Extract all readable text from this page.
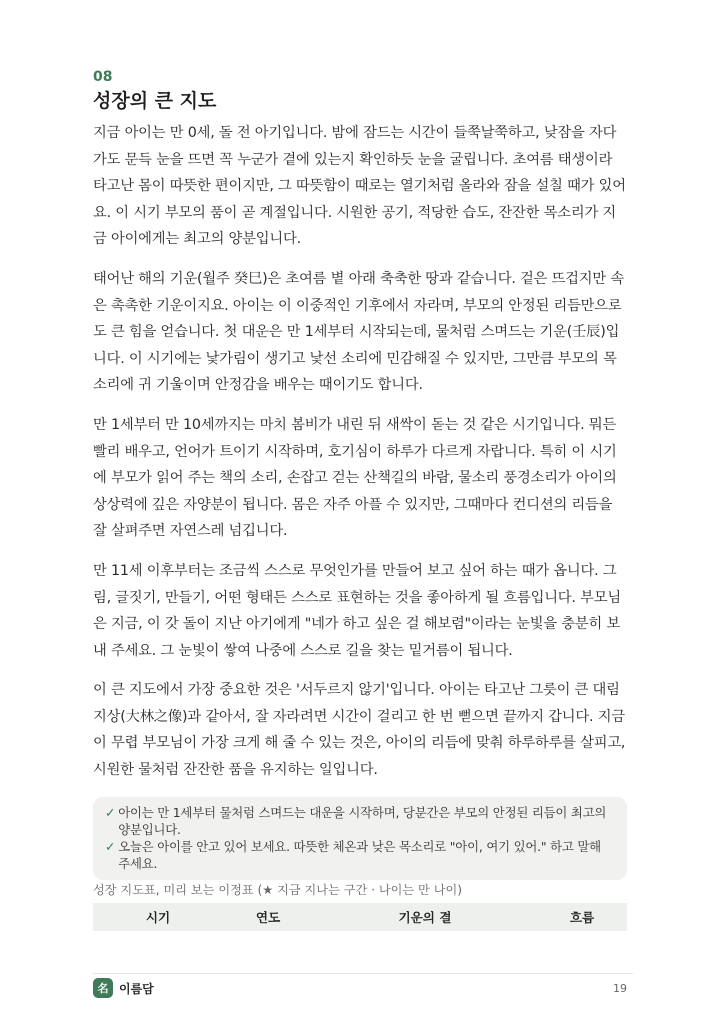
08

성장의 큰 지도

지금 아이는 만 0세, 돌 전 아기입니다. 밤에 잠드는 시간이 들쭉날쭉하고, 낮잠을 자다가도 문득 눈을 뜨면 꼭 누군가 곁에 있는지 확인하듯 눈을 굴립니다. 초여름 태생이라 타고난 몸이 따뜻한 편이지만, 그 따뜻함이 때로는 열기처럼 올라와 잠을 설칠 때가 있어요. 이 시기 부모의 품이 곧 계절입니다. 시원한 공기, 적당한 습도, 잔잔한 목소리가 지금 아이에게는 최고의 양분입니다.

태어난 해의 기운(월주 癸巳)은 초여름 볕 아래 축축한 땅과 같습니다. 겉은 뜨겁지만 속은 촉촉한 기운이지요. 아이는 이 이중적인 기후에서 자라며, 부모의 안정된 리듬만으로도 큰 힘을 얻습니다. 첫 대운은 만 1세부터 시작되는데, 물처럼 스며드는 기운(壬辰)입니다. 이 시기에는 낯가림이 생기고 낯선 소리에 민감해질 수 있지만, 그만큼 부모의 목소리에 귀 기울이며 안정감을 배우는 때이기도 합니다.

만 1세부터 만 10세까지는 마치 봄비가 내린 뒤 새싹이 돋는 것 같은 시기입니다. 뭐든 빨리 배우고, 언어가 트이기 시작하며, 호기심이 하루가 다르게 자랍니다. 특히 이 시기에 부모가 읽어 주는 책의 소리, 손잡고 걷는 산책길의 바람, 물소리 풍경소리가 아이의 상상력에 깊은 자양분이 됩니다. 몸은 자주 아플 수 있지만, 그때마다 컨디션의 리듬을 잘 살펴주면 자연스레 넘깁니다.

만 11세 이후부터는 조금씩 스스로 무엇인가를 만들어 보고 싶어 하는 때가 옵니다. 그림, 글짓기, 만들기, 어떤 형태든 스스로 표현하는 것을 좋아하게 될 흐름입니다. 부모님은 지금, 이 갓 돌이 지난 아기에게 "네가 하고 싶은 걸 해보렴"이라는 눈빛을 충분히 보내 주세요. 그 눈빛이 쌓여 나중에 스스로 길을 찾는 밑거름이 됩니다.

이 큰 지도에서 가장 중요한 것은 '서두르지 않기'입니다. 아이는 타고난 그릇이 큰 대림지상(大林之像)과 같아서, 잘 자라려면 시간이 걸리고 한 번 뻗으면 끝까지 갑니다. 지금 이 무렵 부모님이 가장 크게 해 줄 수 있는 것은, 아이의 리듬에 맞춰 하루하루를 살피고, 시원한 물처럼 잔잔한 품을 유지하는 일입니다.

✓ 아이는 만 1세부터 물처럼 스며드는 대운을 시작하며, 당분간은 부모의 안정된 리듬이 최고의 양분입니다.
✓ 오늘은 아이를 안고 있어 보세요. 따뜻한 체온과 낮은 목소리로 "아이, 여기 있어." 하고 말해 주세요.

성장 지도표, 미리 보는 이정표 (★ 지금 지나는 구간 · 나이는 만 나이)

시기	연도	기운의 결	흐름
名 이름담	19
